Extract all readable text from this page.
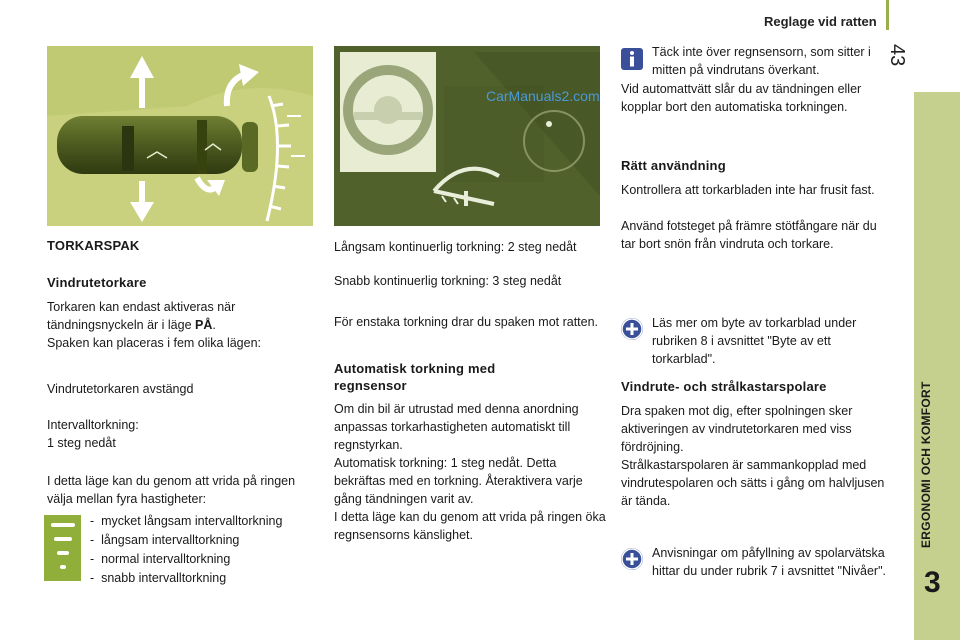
Reglage vid ratten
43
ERGONOMI OCH KOMFORT
3
CarManuals2.com
TORKARSPAK
Vindrutetorkare
Torkaren kan endast aktiveras när tändningsnyckeln är i läge PÅ.
Spaken kan placeras i fem olika lägen:
Vindrutetorkaren avstängd
Intervalltorkning:
1 steg nedåt
I detta läge kan du genom att vrida på ringen välja mellan fyra hastigheter:
-  mycket långsam intervalltorkning
-  långsam intervalltorkning
-  normal intervalltorkning
-  snabb intervalltorkning
Långsam kontinuerlig torkning: 2 steg nedåt
Snabb kontinuerlig torkning: 3 steg nedåt
För enstaka torkning drar du spaken mot ratten.
Automatisk torkning med regnsensor
Om din bil är utrustad med denna anordning anpassas torkarhastigheten automatiskt till regnstyrkan.
Automatisk torkning: 1 steg nedåt. Detta bekräftas med en torkning. Återaktivera varje gång tändningen varit av.
I detta läge kan du genom att vrida på ringen öka regnsensorns känslighet.
Täck inte över regnsensorn, som sitter i mitten på vindrutans överkant.
Vid automattvätt slår du av tändningen eller kopplar bort den automatiska torkningen.
Rätt användning
Kontrollera att torkarbladen inte har frusit fast.
Använd fotsteget på främre stötfångare när du tar bort snön från vindruta och torkare.
Läs mer om byte av torkarblad under rubriken 8 i avsnittet "Byte av ett torkarblad".
Vindrute- och strålkastarspolare
Dra spaken mot dig, efter spolningen sker aktiveringen av vindrutetorkaren med viss fördröjning.
Strålkastarspolaren är sammankopplad med vindrutespolaren och sätts i gång om halvljusen är tända.
Anvisningar om påfyllning av spolarvätska hittar du under rubrik 7 i avsnittet "Nivåer".
